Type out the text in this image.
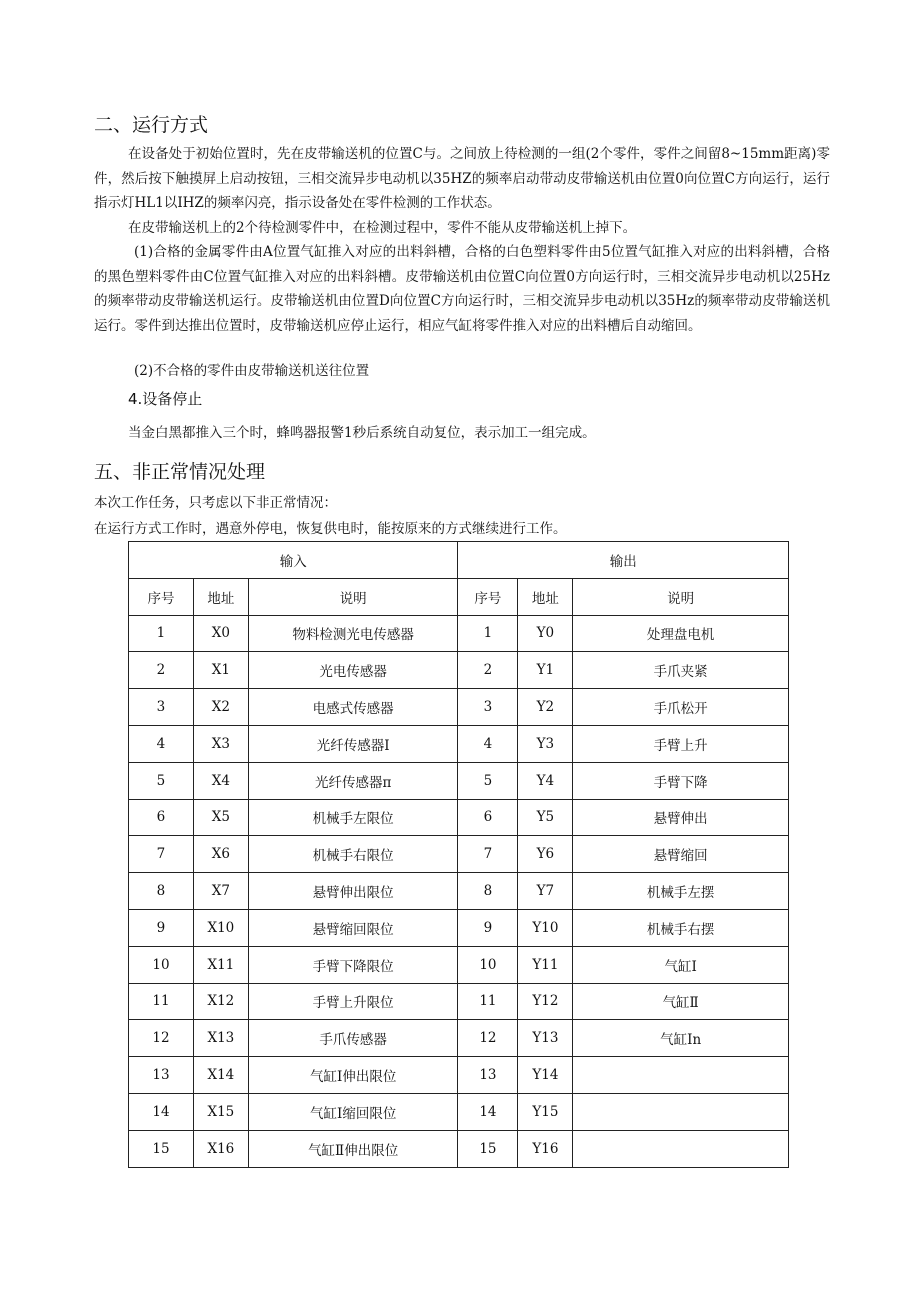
二、运行方式
在设备处于初始位置时，先在皮带输送机的位置C与。之间放上待检测的一组(2个零件，零件之间留8~15mm距离)零件，然后按下触摸屏上启动按钮，三相交流异步电动机以35HZ的频率启动带动皮带输送机由位置0向位置C方向运行，运行指示灯HL1以IHZ的频率闪亮，指示设备处在零件检测的工作状态。
在皮带输送机上的2个待检测零件中，在检测过程中，零件不能从皮带输送机上掉下。
(1)合格的金属零件由A位置气缸推入对应的出料斜槽，合格的白色塑料零件由5位置气缸推入对应的出料斜槽，合格的黑色塑料零件由C位置气缸推入对应的出料斜槽。皮带输送机由位置C向位置0方向运行时，三相交流异步电动机以25Hz的频率带动皮带输送机运行。皮带输送机由位置D向位置C方向运行时，三相交流异步电动机以35Hz的频率带动皮带输送机运行。零件到达推出位置时，皮带输送机应停止运行，相应气缸将零件推入对应的出料槽后自动缩回。
(2)不合格的零件由皮带输送机送往位置
4.设备停止
当金白黑都推入三个时，蜂鸣器报警1秒后系统自动复位，表示加工一组完成。
五、非正常情况处理
本次工作任务，只考虑以下非正常情况：
在运行方式工作时，遇意外停电，恢复供电时，能按原来的方式继续进行工作。
输入			输出		
序号	地址	说明	序号	地址	说明
1	X0	物料检测光电传感器	1	Y0	处理盘电机
2	X1	光电传感器	2	Y1	手爪夹紧
3	X2	电感式传感器	3	Y2	手爪松开
4	X3	光纤传感器Ⅰ	4	Y3	手臂上升
5	X4	光纤传感器π	5	Y4	手臂下降
6	X5	机械手左限位	6	Y5	悬臂伸出
7	X6	机械手右限位	7	Y6	悬臂缩回
8	X7	悬臂伸出限位	8	Y7	机械手左摆
9	X10	悬臂缩回限位	9	Y10	机械手右摆
10	X11	手臂下降限位	10	Y11	气缸Ⅰ
11	X12	手臂上升限位	11	Y12	气缸Ⅱ
12	X13	手爪传感器	12	Y13	气缸In
13	X14	气缸Ⅰ伸出限位	13	Y14	
14	X15	气缸Ⅰ缩回限位	14	Y15	
15	X16	气缸Ⅱ伸出限位	15	Y16	
